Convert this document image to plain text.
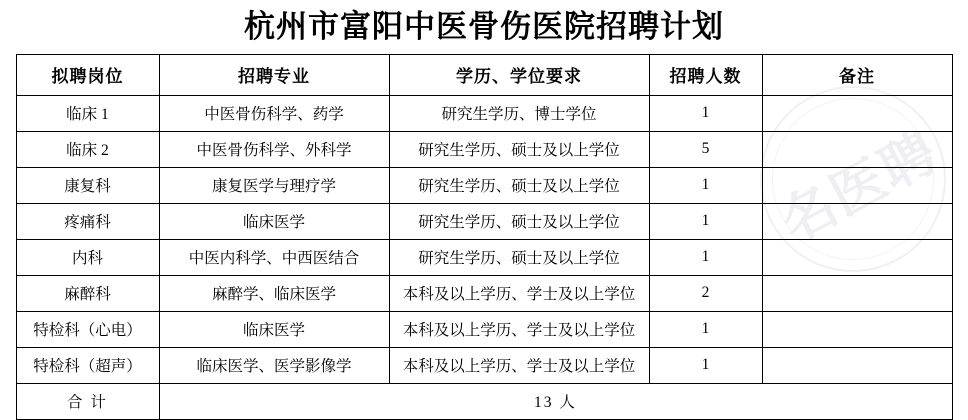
杭州市富阳中医骨伤医院招聘计划
名医聘
拟聘岗位	招聘专业	学历、学位要求	招聘人数	备注
临床 1	中医骨伤科学、药学	研究生学历、博士学位	1	
临床 2	中医骨伤科学、外科学	研究生学历、硕士及以上学位	5	
康复科	康复医学与理疗学	研究生学历、硕士及以上学位	1	
疼痛科	临床医学	研究生学历、硕士及以上学位	1	
内科	中医内科学、中西医结合	研究生学历、硕士及以上学位	1	
麻醉科	麻醉学、临床医学	本科及以上学历、学士及以上学位	2	
特检科（心电）	临床医学	本科及以上学历、学士及以上学位	1	
特检科（超声）	临床医学、医学影像学	本科及以上学历、学士及以上学位	1	
合 计	13 人			
